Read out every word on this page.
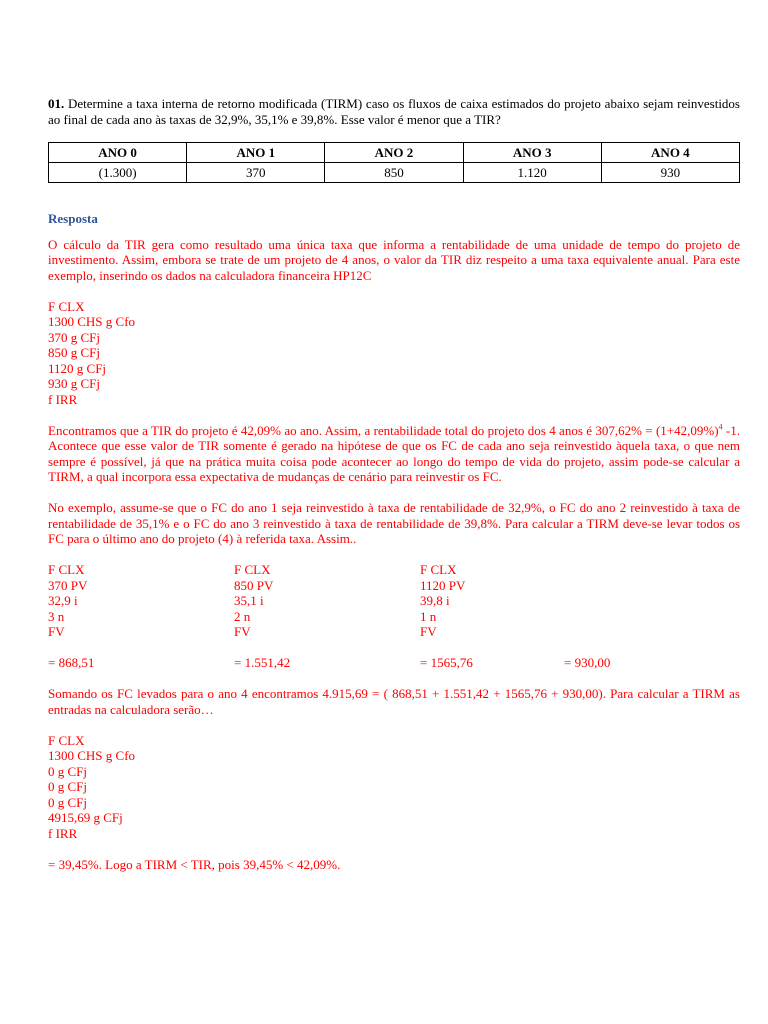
01. Determine a taxa interna de retorno modificada (TIRM) caso os fluxos de caixa estimados do projeto abaixo sejam reinvestidos ao final de cada ano às taxas de 32,9%, 35,1% e 39,8%. Esse valor é menor que a TIR?

ANO 0	ANO 1	ANO 2	ANO 3	ANO 4
(1.300)	370	850	1.120	930
Resposta

O cálculo da TIR gera como resultado uma única taxa que informa a rentabilidade de uma unidade de tempo do projeto de investimento. Assim, embora se trate de um projeto de 4 anos, o valor da TIR diz respeito a uma taxa equivalente anual. Para este exemplo, inserindo os dados na calculadora financeira HP12C

F CLX

1300 CHS g Cfo

370 g CFj

850 g CFj

1120 g CFj

930 g CFj

f IRR

Encontramos que a TIR do projeto é 42,09% ao ano. Assim, a rentabilidade total do projeto dos 4 anos é $307,62\% = (1+42,09\%)^4$ -1. Acontece que esse valor de TIR somente é gerado na hipótese de que os FC de cada ano seja reinvestido àquela taxa, o que nem sempre é possível, já que na prática muita coisa pode acontecer ao longo do tempo de vida do projeto, assim pode-se calcular a TIRM, a qual incorpora essa expectativa de mudanças de cenário para reinvestir os FC.

No exemplo, assume-se que o FC do ano 1 seja reinvestido à taxa de rentabilidade de 32,9%, o FC do ano 2 reinvestido à taxa de rentabilidade de 35,1% e o FC do ano 3 reinvestido à taxa de rentabilidade de 39,8%. Para calcular a TIRM deve-se levar todos os FC para o último ano do projeto (4) à referida taxa. Assim..

F CLX

370 PV

32,9 i

3 n

FV

F CLX

850 PV

35,1 i

2 n

FV

F CLX

1120 PV

39,8 i

1 n

FV

= 868,51	= 1.551,42	= 1565,76	= 930,00

Somando os FC levados para o ano 4 encontramos 4.915,69 = ( 868,51 + 1.551,42 + 1565,76 + 930,00). Para calcular a TIRM as entradas na calculadora serão…

F CLX

1300 CHS g Cfo

0 g CFj

0 g CFj

0 g CFj

4915,69 g CFj

f IRR

= 39,45%. Logo a TIRM < TIR, pois 39,45% < 42,09%.
